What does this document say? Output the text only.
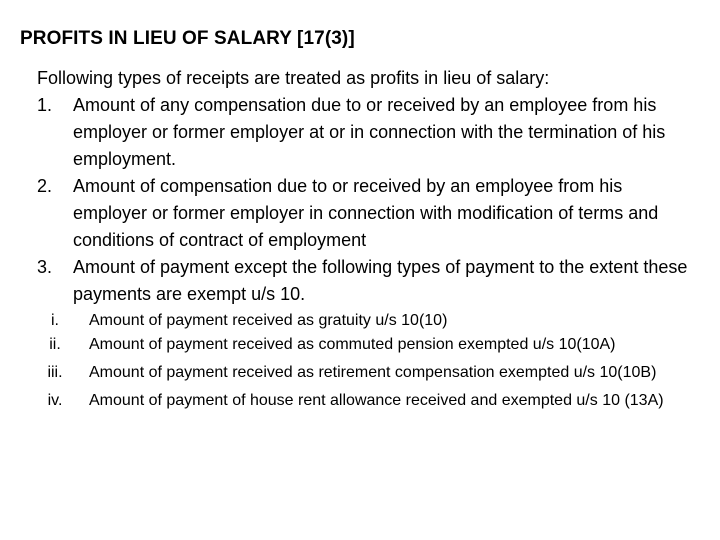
PROFITS IN LIEU OF SALARY [17(3)]

Following types of receipts are treated as profits in lieu of salary:

1. Amount of any compensation due to or received by an employee from his employer or former employer at or in connection with the termination of his employment.
2. Amount of compensation due to or received by an employee from his employer or former employer in connection with modification of terms and conditions of contract of employment
3. Amount of payment except the following types of payment to the extent these payments are exempt u/s 10.
i.	Amount of payment received as gratuity u/s 10(10)
ii.	Amount of payment received as commuted pension exempted u/s 10(10A)
iii.	Amount of payment received as retirement compensation exempted u/s 10(10B)
iv.	Amount of payment of house rent allowance received and exempted u/s 10 (13A)
